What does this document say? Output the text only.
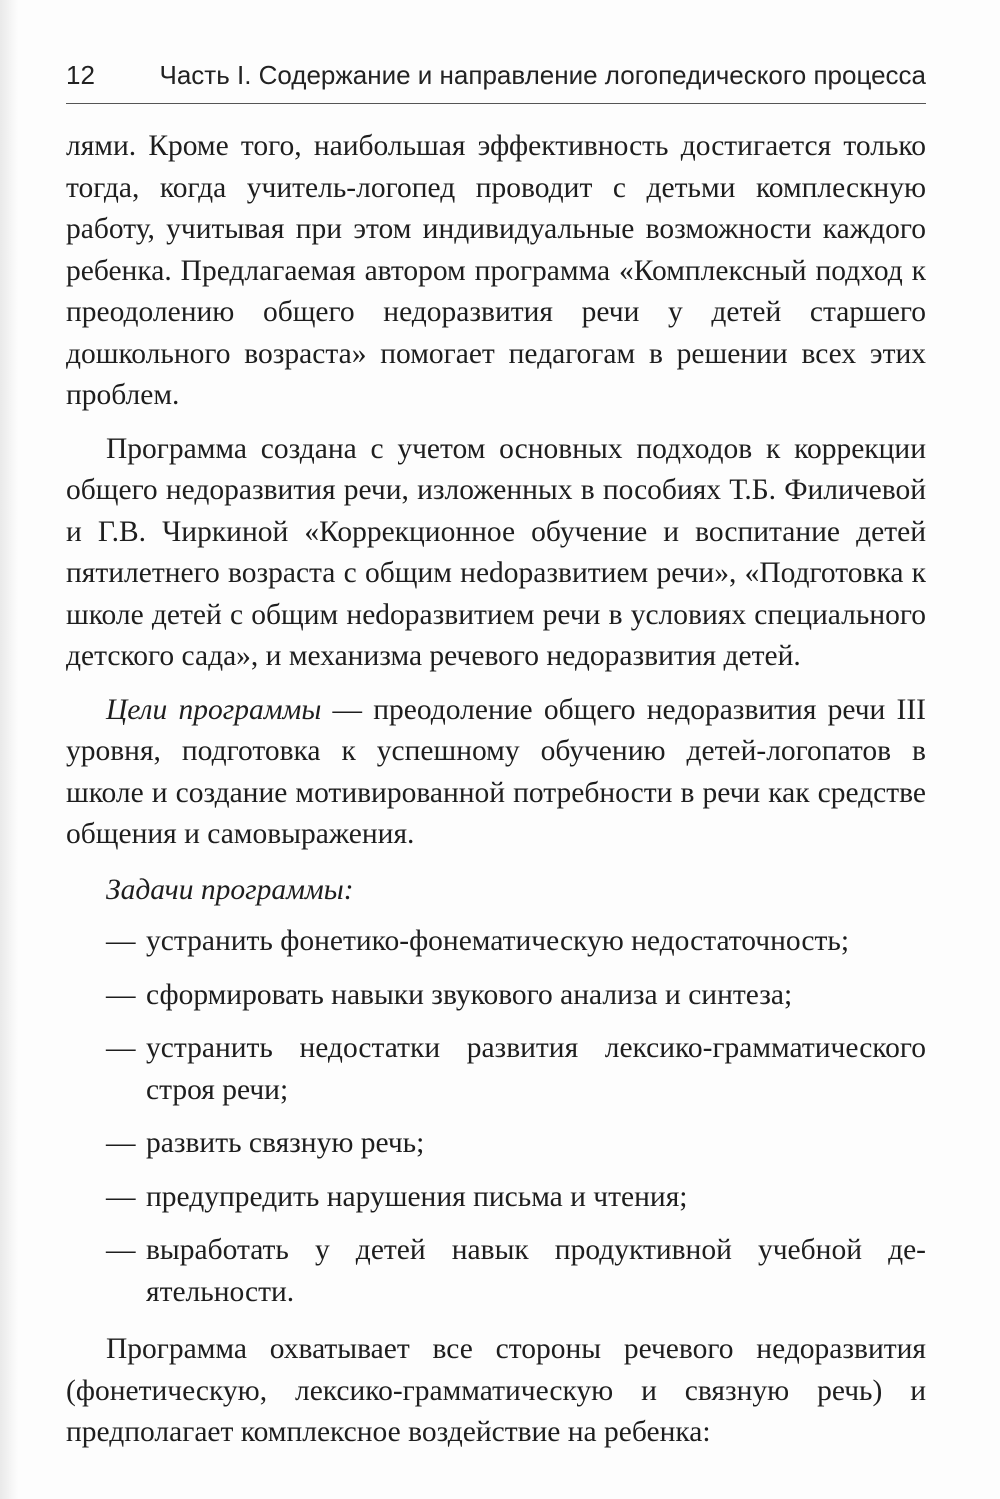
12 Часть I. Содержание и направление логопедического процесса

лями. Кроме того, наибольшая эффективность достигается только тогда, когда учитель-логопед проводит с детьми комплескную работу, учитывая при этом индивидуальные возможности каждого ребенка. Предлагаемая автором программа «Комплексный подход к преодолению общего недоразвития речи у детей старшего дошкольного возраста» помогает педагогам в решении всех этих проблем.

Программа создана с учетом основных подходов к коррекции общего недоразвития речи, изложенных в пособиях Т.Б. Филичевой и Г.В. Чиркиной «Коррекционное обучение и воспитание детей пятилетнего возраста с общим неdоразвитием речи», «Подготовка к школе детей с общим неdоразвитием речи в условиях специального детского сада», и механизма речевого недоразвития детей.

Цели программы — преодоление общего недоразвития речи III уровня, подготовка к успешному обучению детей-логопатов в школе и создание мотивированной потребности в речи как средстве общения и самовыражения.

Задачи программы:

— устранить фонетико-фонематическую недостаточность;
— сформировать навыки звукового анализа и синтеза;
— устранить недостатки развития лексико-грамматического строя речи;
— развить связную речь;
— предупредить нарушения письма и чтения;
— выработать у детей навык продуктивной учебной деятельности.

Программа охватывает все стороны речевого недоразвития (фонетическую, лексико-грамматическую и связную речь) и предполагает комплексное воздействие на ребенка:
